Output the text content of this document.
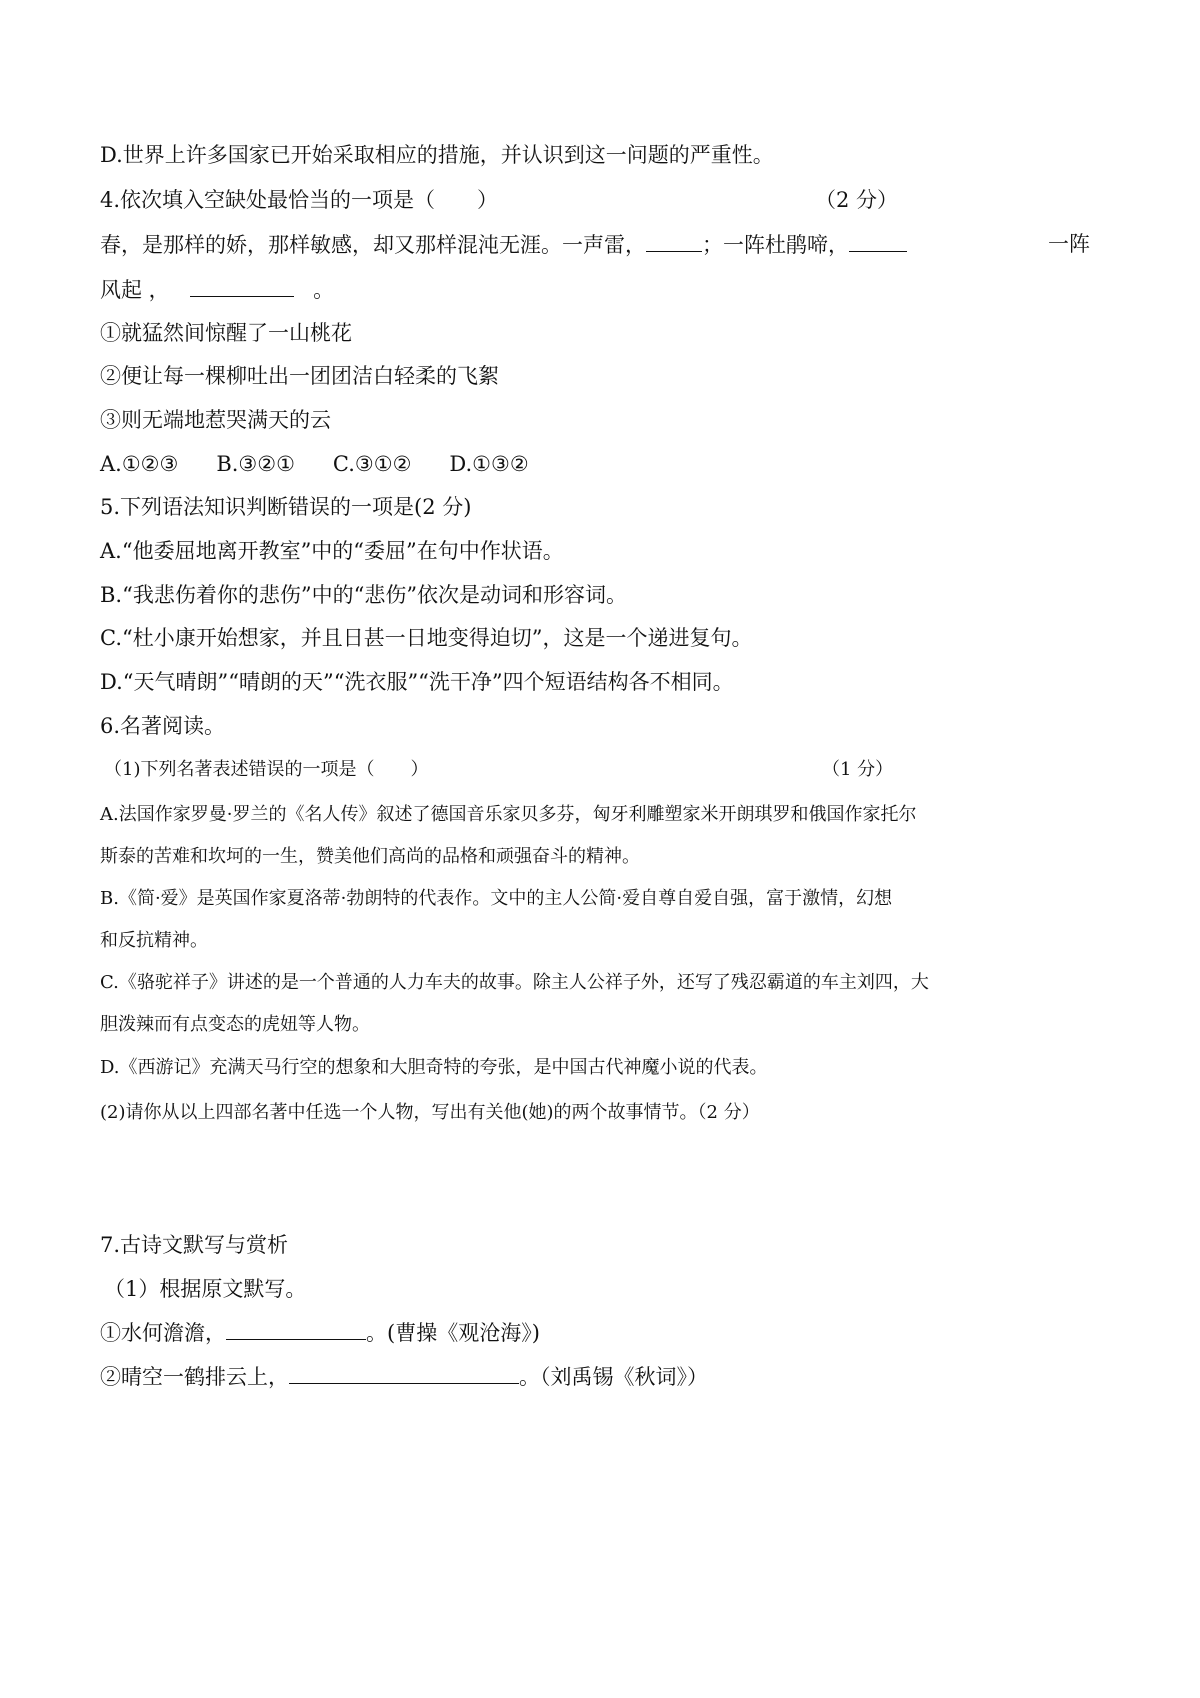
D.世界上许多国家已开始采取相应的措施，并认识到这一问题的严重性。
4.依次填入空缺处最恰当的一项是（　　）	（2 分）
春，是那样的娇，那样敏感，却又那样混沌无涯。一声雷，	；一阵杜鹃啼，	一阵
风起 ，	。
①就猛然间惊醒了一山桃花
②便让每一棵柳吐出一团团洁白轻柔的飞絮
③则无端地惹哭满天的云
A.①②③ B.③②① C.③①② D.①③②
5.下列语法知识判断错误的一项是(2 分)
A.“他委屈地离开教室”中的“委屈”在句中作状语。
B.“我悲伤着你的悲伤”中的“悲伤”依次是动词和形容词。
C.“杜小康开始想家，并且日甚一日地变得迫切”，这是一个递进复句。
D.“天气晴朗”“晴朗的天”“洗衣服”“洗干净”四个短语结构各不相同。
6.名著阅读。
（1)下列名著表述错误的一项是（　　）	（1 分）
A.法国作家罗曼·罗兰的《名人传》叙述了德国音乐家贝多芬，匈牙利雕塑家米开朗琪罗和俄国作家托尔
斯泰的苦难和坎坷的一生，赞美他们高尚的品格和顽强奋斗的精神。
B.《简·爱》是英国作家夏洛蒂·勃朗特的代表作。文中的主人公简·爱自尊自爱自强，富于激情，幻想
和反抗精神。
C.《骆驼祥子》讲述的是一个普通的人力车夫的故事。除主人公祥子外，还写了残忍霸道的车主刘四，大
胆泼辣而有点变态的虎妞等人物。
D.《西游记》充满天马行空的想象和大胆奇特的夸张，是中国古代神魔小说的代表。
(2)请你从以上四部名著中任选一个人物，写出有关他(她)的两个故事情节。（2 分）
7.古诗文默写与赏析
（1）根据原文默写。
①水何澹澹，	。(曹操《观沧海》)
②晴空一鹤排云上，	。（刘禹锡《秋词》）
